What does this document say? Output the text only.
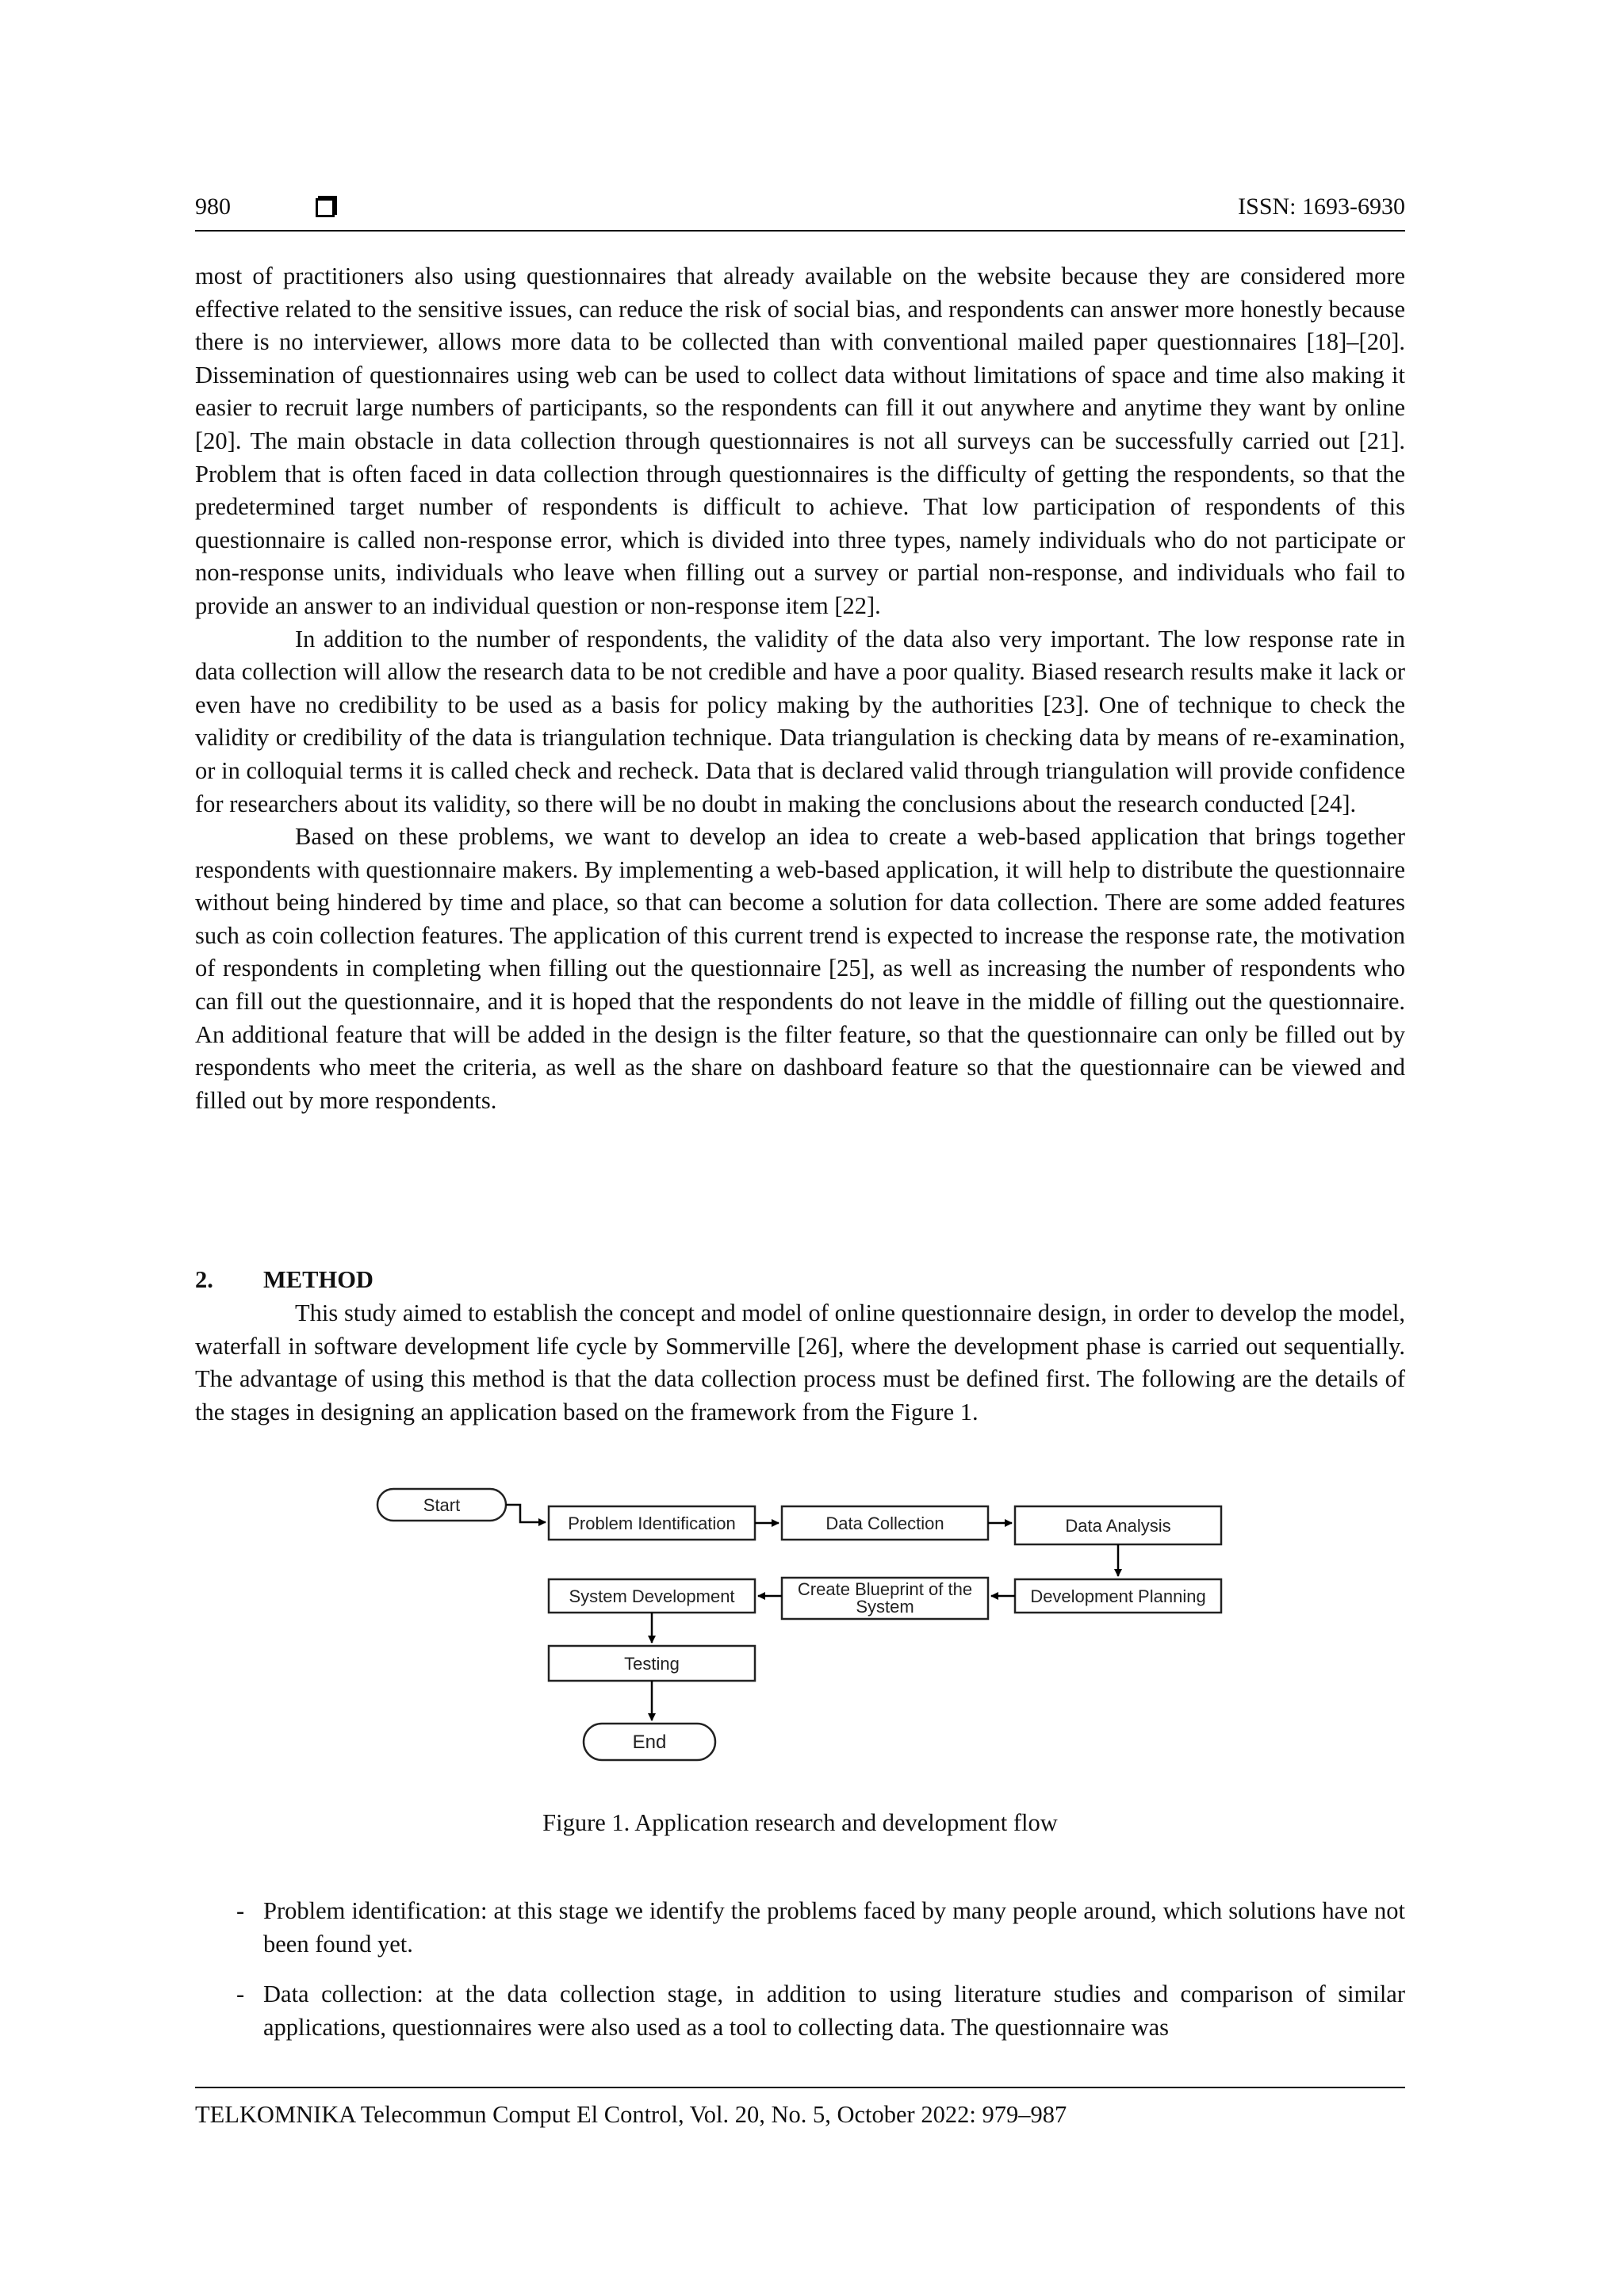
980	ISSN: 1693-6930

most of practitioners also using questionnaires that already available on the website because they are considered more effective related to the sensitive issues, can reduce the risk of social bias, and respondents can answer more honestly because there is no interviewer, allows more data to be collected than with conventional mailed paper questionnaires [18]–[20]. Dissemination of questionnaires using web can be used to collect data without limitations of space and time also making it easier to recruit large numbers of participants, so the respondents can fill it out anywhere and anytime they want by online [20]. The main obstacle in data collection through questionnaires is not all surveys can be successfully carried out [21]. Problem that is often faced in data collection through questionnaires is the difficulty of getting the respondents, so that the predetermined target number of respondents is difficult to achieve. That low participation of respondents of this questionnaire is called non-response error, which is divided into three types, namely individuals who do not participate or non-response units, individuals who leave when filling out a survey or partial non-response, and individuals who fail to provide an answer to an individual question or non-response item [22].

In addition to the number of respondents, the validity of the data also very important. The low response rate in data collection will allow the research data to be not credible and have a poor quality. Biased research results make it lack or even have no credibility to be used as a basis for policy making by the authorities [23]. One of technique to check the validity or credibility of the data is triangulation technique. Data triangulation is checking data by means of re-examination, or in colloquial terms it is called check and recheck. Data that is declared valid through triangulation will provide confidence for researchers about its validity, so there will be no doubt in making the conclusions about the research conducted [24].

Based on these problems, we want to develop an idea to create a web-based application that brings together respondents with questionnaire makers. By implementing a web-based application, it will help to distribute the questionnaire without being hindered by time and place, so that can become a solution for data collection. There are some added features such as coin collection features. The application of this current trend is expected to increase the response rate, the motivation of respondents in completing when filling out the questionnaire [25], as well as increasing the number of respondents who can fill out the questionnaire, and it is hoped that the respondents do not leave in the middle of filling out the questionnaire. An additional feature that will be added in the design is the filter feature, so that the questionnaire can only be filled out by respondents who meet the criteria, as well as the share on dashboard feature so that the questionnaire can be viewed and filled out by more respondents.

2. METHOD

This study aimed to establish the concept and model of online questionnaire design, in order to develop the model, waterfall in software development life cycle by Sommerville [26], where the development phase is carried out sequentially. The advantage of using this method is that the data collection process must be defined first. The following are the details of the stages in designing an application based on the framework from the Figure 1.

Start
Problem Identification	Data Collection	Data Analysis
Development Planning
Create Blueprint of the
System
System Development
Testing
End
Figure 1. Application research and development flow
- Problem identification: at this stage we identify the problems faced by many people around, which solutions have not been found yet.
- Data collection: at the data collection stage, in addition to using literature studies and comparison of similar applications, questionnaires were also used as a tool to collecting data. The questionnaire was
TELKOMNIKA Telecommun Comput El Control, Vol. 20, No. 5, October 2022: 979–987
